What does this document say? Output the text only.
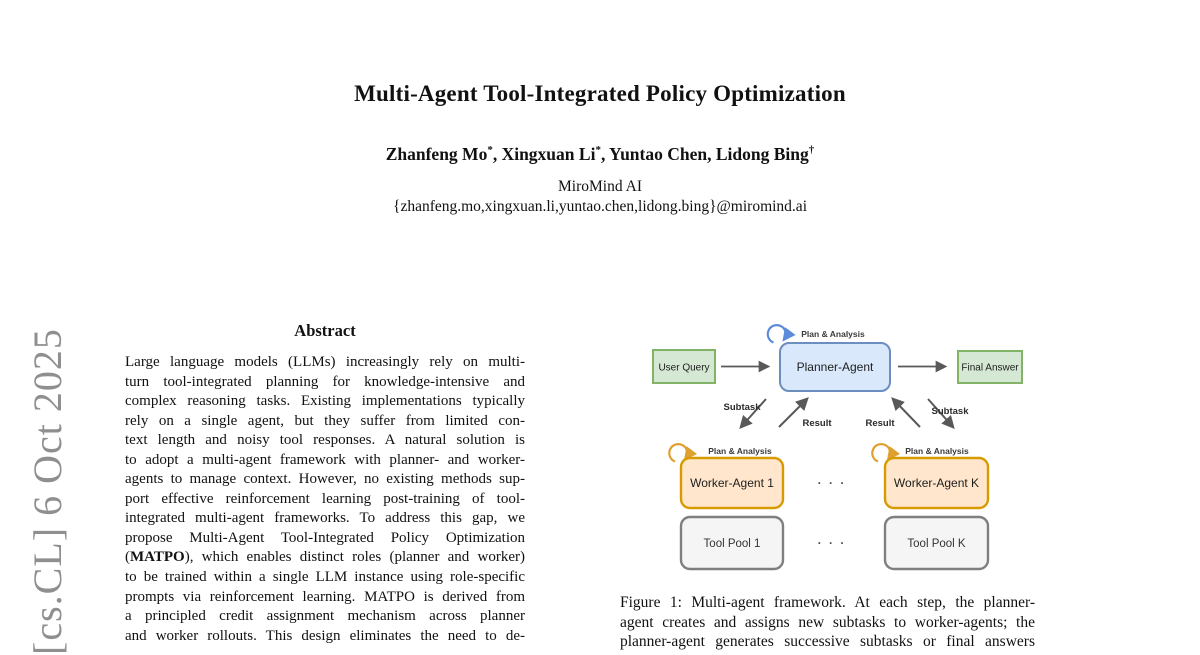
[cs.CL] 6 Oct 2025
Multi-Agent Tool-Integrated Policy Optimization
Zhanfeng Mo*, Xingxuan Li*, Yuntao Chen, Lidong Bing†
MiroMind AI
{zhanfeng.mo,xingxuan.li,yuntao.chen,lidong.bing}@miromind.ai
Abstract
Large language models (LLMs) increasingly rely on multi-
turn tool-integrated planning for knowledge-intensive and
complex reasoning tasks. Existing implementations typically
rely on a single agent, but they suffer from limited con-
text length and noisy tool responses. A natural solution is
to adopt a multi-agent framework with planner- and worker-
agents to manage context. However, no existing methods sup-
port effective reinforcement learning post-training of tool-
integrated multi-agent frameworks. To address this gap, we
propose Multi-Agent Tool-Integrated Policy Optimization
(MATPO), which enables distinct roles (planner and worker)
to be trained within a single LLM instance using role-specific
prompts via reinforcement learning. MATPO is derived from
a principled credit assignment mechanism across planner
and worker rollouts. This design eliminates the need to de-
Plan & Analysis
User Query	Planner-Agent	Final Answer
Subtask
Result	Result
Subtask
Plan & Analysis	Plan & Analysis
Worker-Agent 1	Worker-Agent K
· · ·
Tool Pool 1	Tool Pool K
· · ·
Figure 1: Multi-agent framework. At each step, the planner-
agent creates and assigns new subtasks to worker-agents; the
planner-agent generates successive subtasks or final answers
